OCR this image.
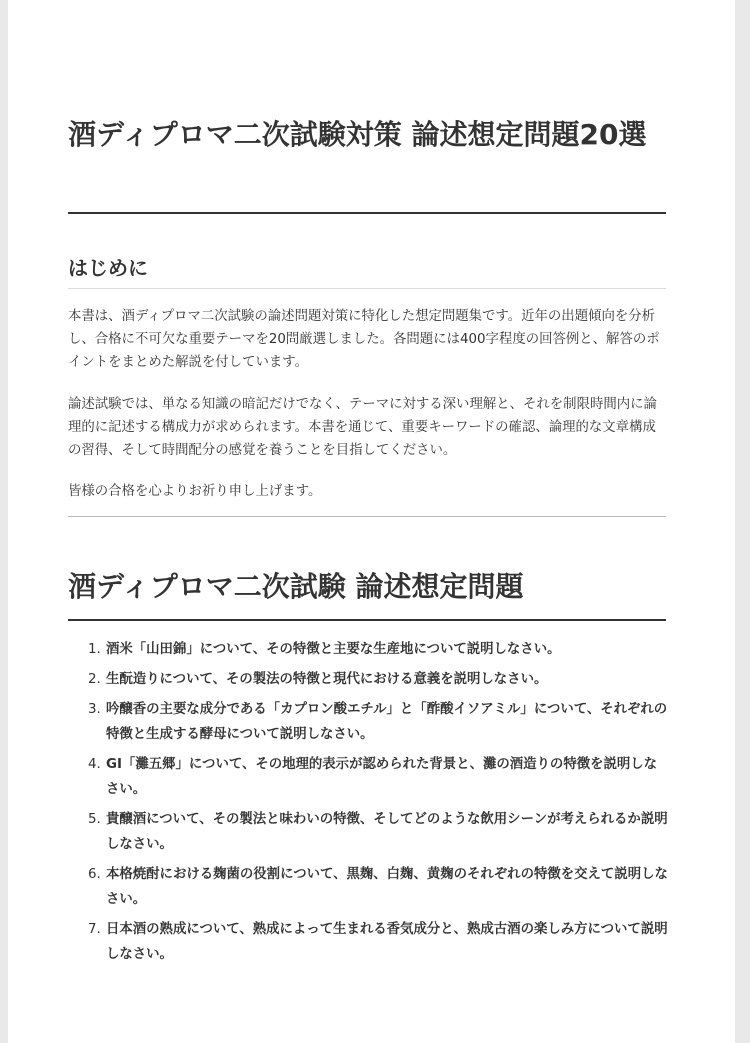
酒ディプロマ二次試験対策 論述想定問題20選
はじめに

本書は、酒ディプロマ二次試験の論述問題対策に特化した想定問題集です。近年の出題傾向を分析し、合格に不可欠な重要テーマを20問厳選しました。各問題には400字程度の回答例と、解答のポイントをまとめた解説を付しています。

論述試験では、単なる知識の暗記だけでなく、テーマに対する深い理解と、それを制限時間内に論理的に記述する構成力が求められます。本書を通じて、重要キーワードの確認、論理的な文章構成の習得、そして時間配分の感覚を養うことを目指してください。

皆様の合格を心よりお祈り申し上げます。

酒ディプロマ二次試験 論述想定問題
1. 酒米「山田錦」について、その特徴と主要な生産地について説明しなさい。
2. 生酛造りについて、その製法の特徴と現代における意義を説明しなさい。
3. 吟醸香の主要な成分である「カプロン酸エチル」と「酢酸イソアミル」について、それぞれの特徴と生成する酵母について説明しなさい。
4. GI「灘五郷」について、その地理的表示が認められた背景と、灘の酒造りの特徴を説明しなさい。
5. 貴醸酒について、その製法と味わいの特徴、そしてどのような飲用シーンが考えられるか説明しなさい。
6. 本格焼酎における麹菌の役割について、黒麹、白麹、黄麹のそれぞれの特徴を交えて説明しなさい。
7. 日本酒の熟成について、熟成によって生まれる香気成分と、熟成古酒の楽しみ方について説明しなさい。
